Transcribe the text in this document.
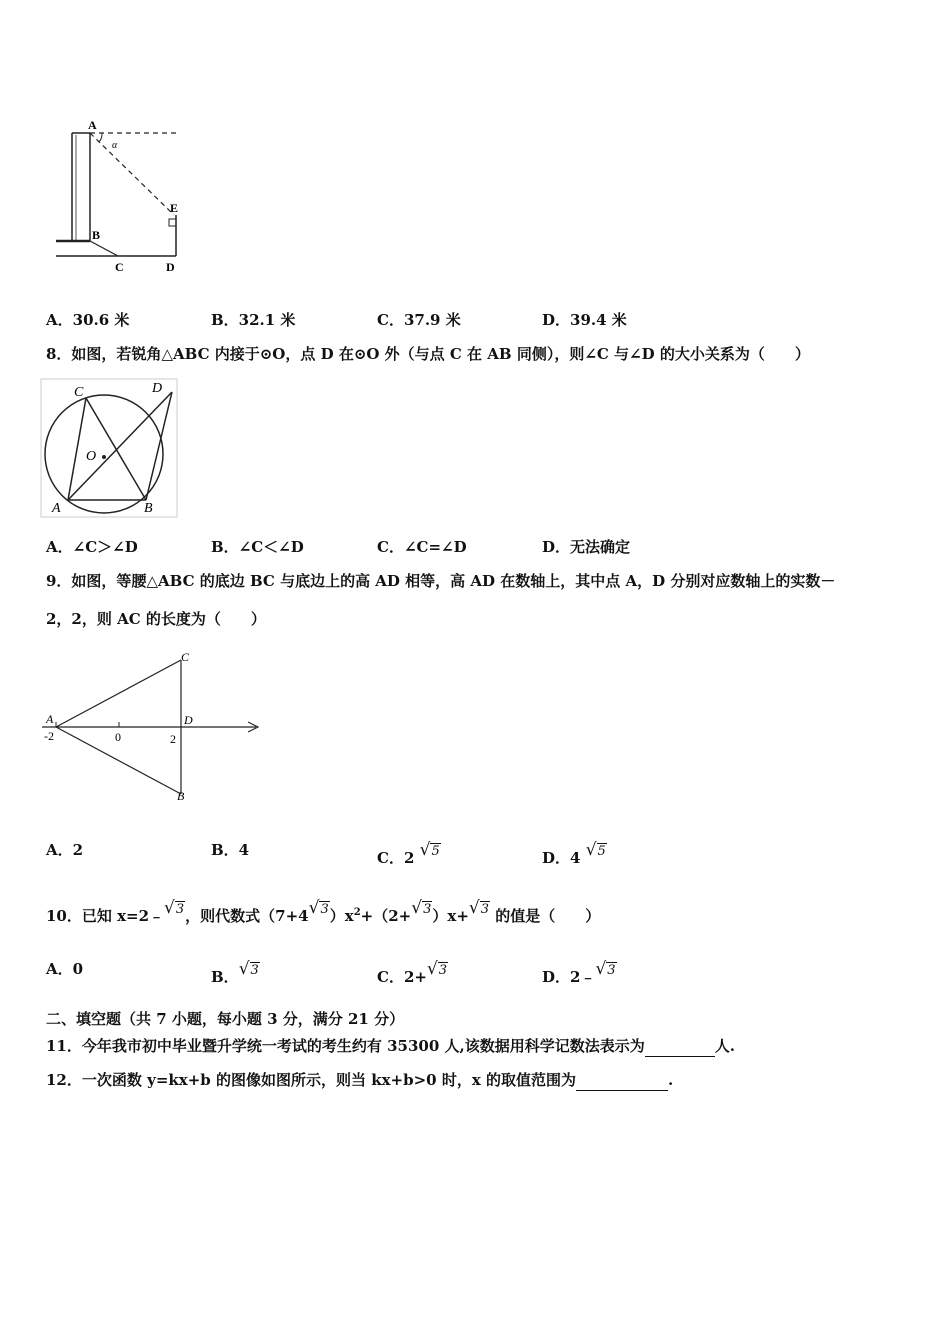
A
α
E
B
C	D
A．30.6 米	B．32.1 米	C．37.9 米	D．39.4 米
8．如图，若锐角△ABC 内接于⊙O，点 D 在⊙O 外（与点 C 在 AB 同侧），则∠C 与∠D 的大小关系为（　　）
C	D
O
A	B
A．∠C＞∠D	B．∠C＜∠D	C．∠C=∠D	D．无法确定
9．如图，等腰△ABC 的底边 BC 与底边上的高 AD 相等，高 AD 在数轴上，其中点 A，D 分别对应数轴上的实数－
2，2，则 AC 的长度为（　　）
A
C
D
B
-2	0	2
A．2	B．4	C．2 √5	D．4 √5
10．已知 x=2﹣√3，则代数式$(7+4√3)x^2+(2+√3)x+√3$ 的值是（　　）
A．0	B．√3	C．2+√3	D．2﹣√3
二、填空题（共 7 小题，每小题 3 分，满分 21 分）
11．今年我市初中毕业暨升学统一考试的考生约有 35300 人,该数据用科学记数法表示为	人.
12．一次函数 y=kx+b 的图像如图所示，则当 kx+b>0 时，x 的取值范围为	.
